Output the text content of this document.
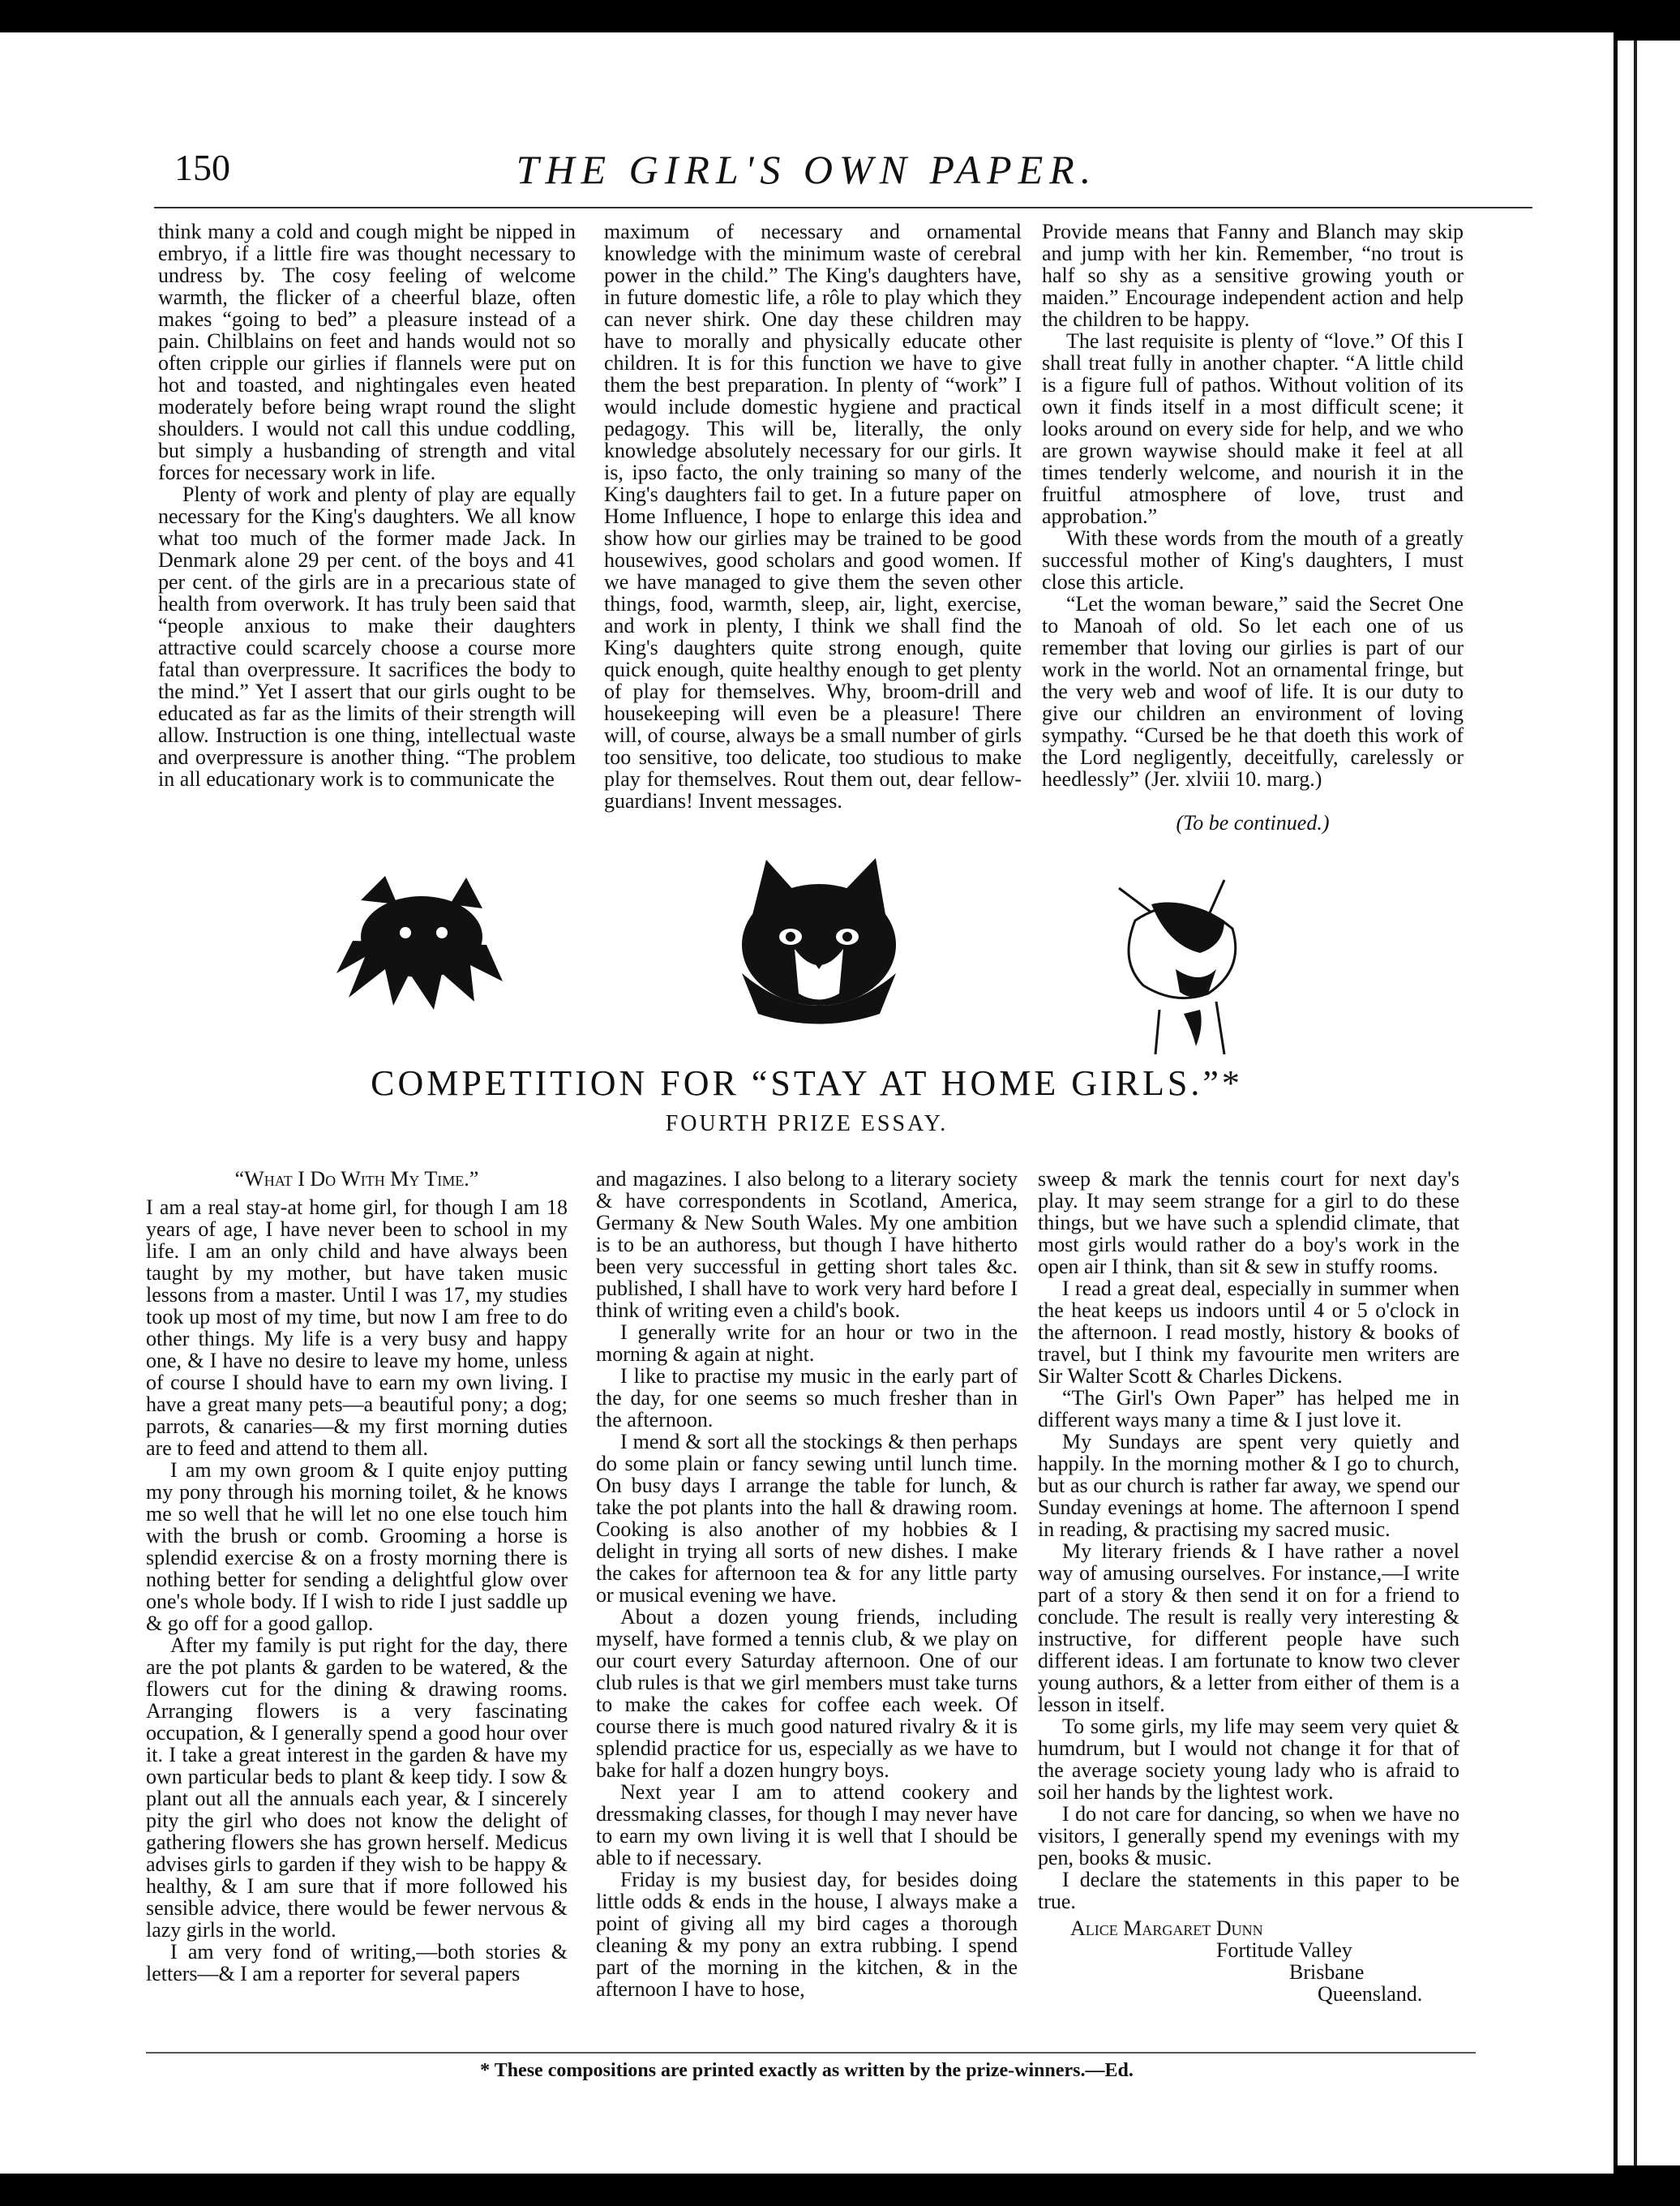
150	THE GIRL'S OWN PAPER.

think many a cold and cough might be nipped in embryo, if a little fire was thought necessary to undress by. The cosy feeling of welcome warmth, the flicker of a cheerful blaze, often makes “going to bed” a pleasure instead of a pain. Chilblains on feet and hands would not so often cripple our girlies if flannels were put on hot and toasted, and nightingales even heated moderately before being wrapt round the slight shoulders. I would not call this undue coddling, but simply a husbanding of strength and vital forces for necessary work in life.

Plenty of work and plenty of play are equally necessary for the King's daughters. We all know what too much of the former made Jack. In Denmark alone 29 per cent. of the boys and 41 per cent. of the girls are in a precarious state of health from overwork. It has truly been said that “people anxious to make their daughters attractive could scarcely choose a course more fatal than overpressure. It sacrifices the body to the mind.” Yet I assert that our girls ought to be educated as far as the limits of their strength will allow. Instruction is one thing, intellectual waste and overpressure is another thing. “The problem in all educationary work is to communicate the

maximum of necessary and ornamental knowledge with the minimum waste of cerebral power in the child.” The King's daughters have, in future domestic life, a rôle to play which they can never shirk. One day these children may have to morally and physically educate other children. It is for this function we have to give them the best preparation. In plenty of “work” I would include domestic hygiene and practical pedagogy. This will be, literally, the only knowledge absolutely necessary for our girls. It is, ipso facto, the only training so many of the King's daughters fail to get. In a future paper on Home Influence, I hope to enlarge this idea and show how our girlies may be trained to be good housewives, good scholars and good women. If we have managed to give them the seven other things, food, warmth, sleep, air, light, exercise, and work in plenty, I think we shall find the King's daughters quite strong enough, quite quick enough, quite healthy enough to get plenty of play for themselves. Why, broom-drill and housekeeping will even be a pleasure! There will, of course, always be a small number of girls too sensitive, too delicate, too studious to make play for themselves. Rout them out, dear fellow-guardians! Invent messages.

Provide means that Fanny and Blanch may skip and jump with her kin. Remember, “no trout is half so shy as a sensitive growing youth or maiden.” Encourage independent action and help the children to be happy.

The last requisite is plenty of “love.” Of this I shall treat fully in another chapter. “A little child is a figure full of pathos. Without volition of its own it finds itself in a most difficult scene; it looks around on every side for help, and we who are grown waywise should make it feel at all times tenderly welcome, and nourish it in the fruitful atmosphere of love, trust and approbation.”

With these words from the mouth of a greatly successful mother of King's daughters, I must close this article.

“Let the woman beware,” said the Secret One to Manoah of old. So let each one of us remember that loving our girlies is part of our work in the world. Not an ornamental fringe, but the very web and woof of life. It is our duty to give our children an environment of loving sympathy. “Cursed be he that doeth this work of the Lord negligently, deceitfully, carelessly or heedlessly” (Jer. xlviii 10. marg.)

(To be continued.)
COMPETITION FOR “STAY AT HOME GIRLS.”*
FOURTH PRIZE ESSAY.

“What I Do With My Time.”

I am a real stay-at home girl, for though I am 18 years of age, I have never been to school in my life. I am an only child and have always been taught by my mother, but have taken music lessons from a master. Until I was 17, my studies took up most of my time, but now I am free to do other things. My life is a very busy and happy one, & I have no desire to leave my home, unless of course I should have to earn my own living. I have a great many pets—a beautiful pony; a dog; parrots, & canaries—& my first morning duties are to feed and attend to them all.

I am my own groom & I quite enjoy putting my pony through his morning toilet, & he knows me so well that he will let no one else touch him with the brush or comb. Grooming a horse is splendid exercise & on a frosty morning there is nothing better for sending a delightful glow over one's whole body. If I wish to ride I just saddle up & go off for a good gallop.

After my family is put right for the day, there are the pot plants & garden to be watered, & the flowers cut for the dining & drawing rooms. Arranging flowers is a very fascinating occupation, & I generally spend a good hour over it. I take a great interest in the garden & have my own particular beds to plant & keep tidy. I sow & plant out all the annuals each year, & I sincerely pity the girl who does not know the delight of gathering flowers she has grown herself. Medicus advises girls to garden if they wish to be happy & healthy, & I am sure that if more followed his sensible advice, there would be fewer nervous & lazy girls in the world.

I am very fond of writing,—both stories & letters—& I am a reporter for several papers

and magazines. I also belong to a literary society & have correspondents in Scotland, America, Germany & New South Wales. My one ambition is to be an authoress, but though I have hitherto been very successful in getting short tales &c. published, I shall have to work very hard before I think of writing even a child's book.

I generally write for an hour or two in the morning & again at night.

I like to practise my music in the early part of the day, for one seems so much fresher than in the afternoon.

I mend & sort all the stockings & then perhaps do some plain or fancy sewing until lunch time. On busy days I arrange the table for lunch, & take the pot plants into the hall & drawing room. Cooking is also another of my hobbies & I delight in trying all sorts of new dishes. I make the cakes for afternoon tea & for any little party or musical evening we have.

About a dozen young friends, including myself, have formed a tennis club, & we play on our court every Saturday afternoon. One of our club rules is that we girl members must take turns to make the cakes for coffee each week. Of course there is much good natured rivalry & it is splendid practice for us, especially as we have to bake for half a dozen hungry boys.

Next year I am to attend cookery and dressmaking classes, for though I may never have to earn my own living it is well that I should be able to if necessary.

Friday is my busiest day, for besides doing little odds & ends in the house, I always make a point of giving all my bird cages a thorough cleaning & my pony an extra rubbing. I spend part of the morning in the kitchen, & in the afternoon I have to hose,

sweep & mark the tennis court for next day's play. It may seem strange for a girl to do these things, but we have such a splendid climate, that most girls would rather do a boy's work in the open air I think, than sit & sew in stuffy rooms.

I read a great deal, especially in summer when the heat keeps us indoors until 4 or 5 o'clock in the afternoon. I read mostly, history & books of travel, but I think my favourite men writers are Sir Walter Scott & Charles Dickens.

“The Girl's Own Paper” has helped me in different ways many a time & I just love it.

My Sundays are spent very quietly and happily. In the morning mother & I go to church, but as our church is rather far away, we spend our Sunday evenings at home. The afternoon I spend in reading, & practising my sacred music.

My literary friends & I have rather a novel way of amusing ourselves. For instance,—I write part of a story & then send it on for a friend to conclude. The result is really very interesting & instructive, for different people have such different ideas. I am fortunate to know two clever young authors, & a letter from either of them is a lesson in itself.

To some girls, my life may seem very quiet & humdrum, but I would not change it for that of the average society young lady who is afraid to soil her hands by the lightest work.

I do not care for dancing, so when we have no visitors, I generally spend my evenings with my pen, books & music.

I declare the statements in this paper to be true.

Alice Margaret Dunn
Fortitude Valley
Brisbane
Queensland.
* These compositions are printed exactly as written by the prize-winners.—Ed.
